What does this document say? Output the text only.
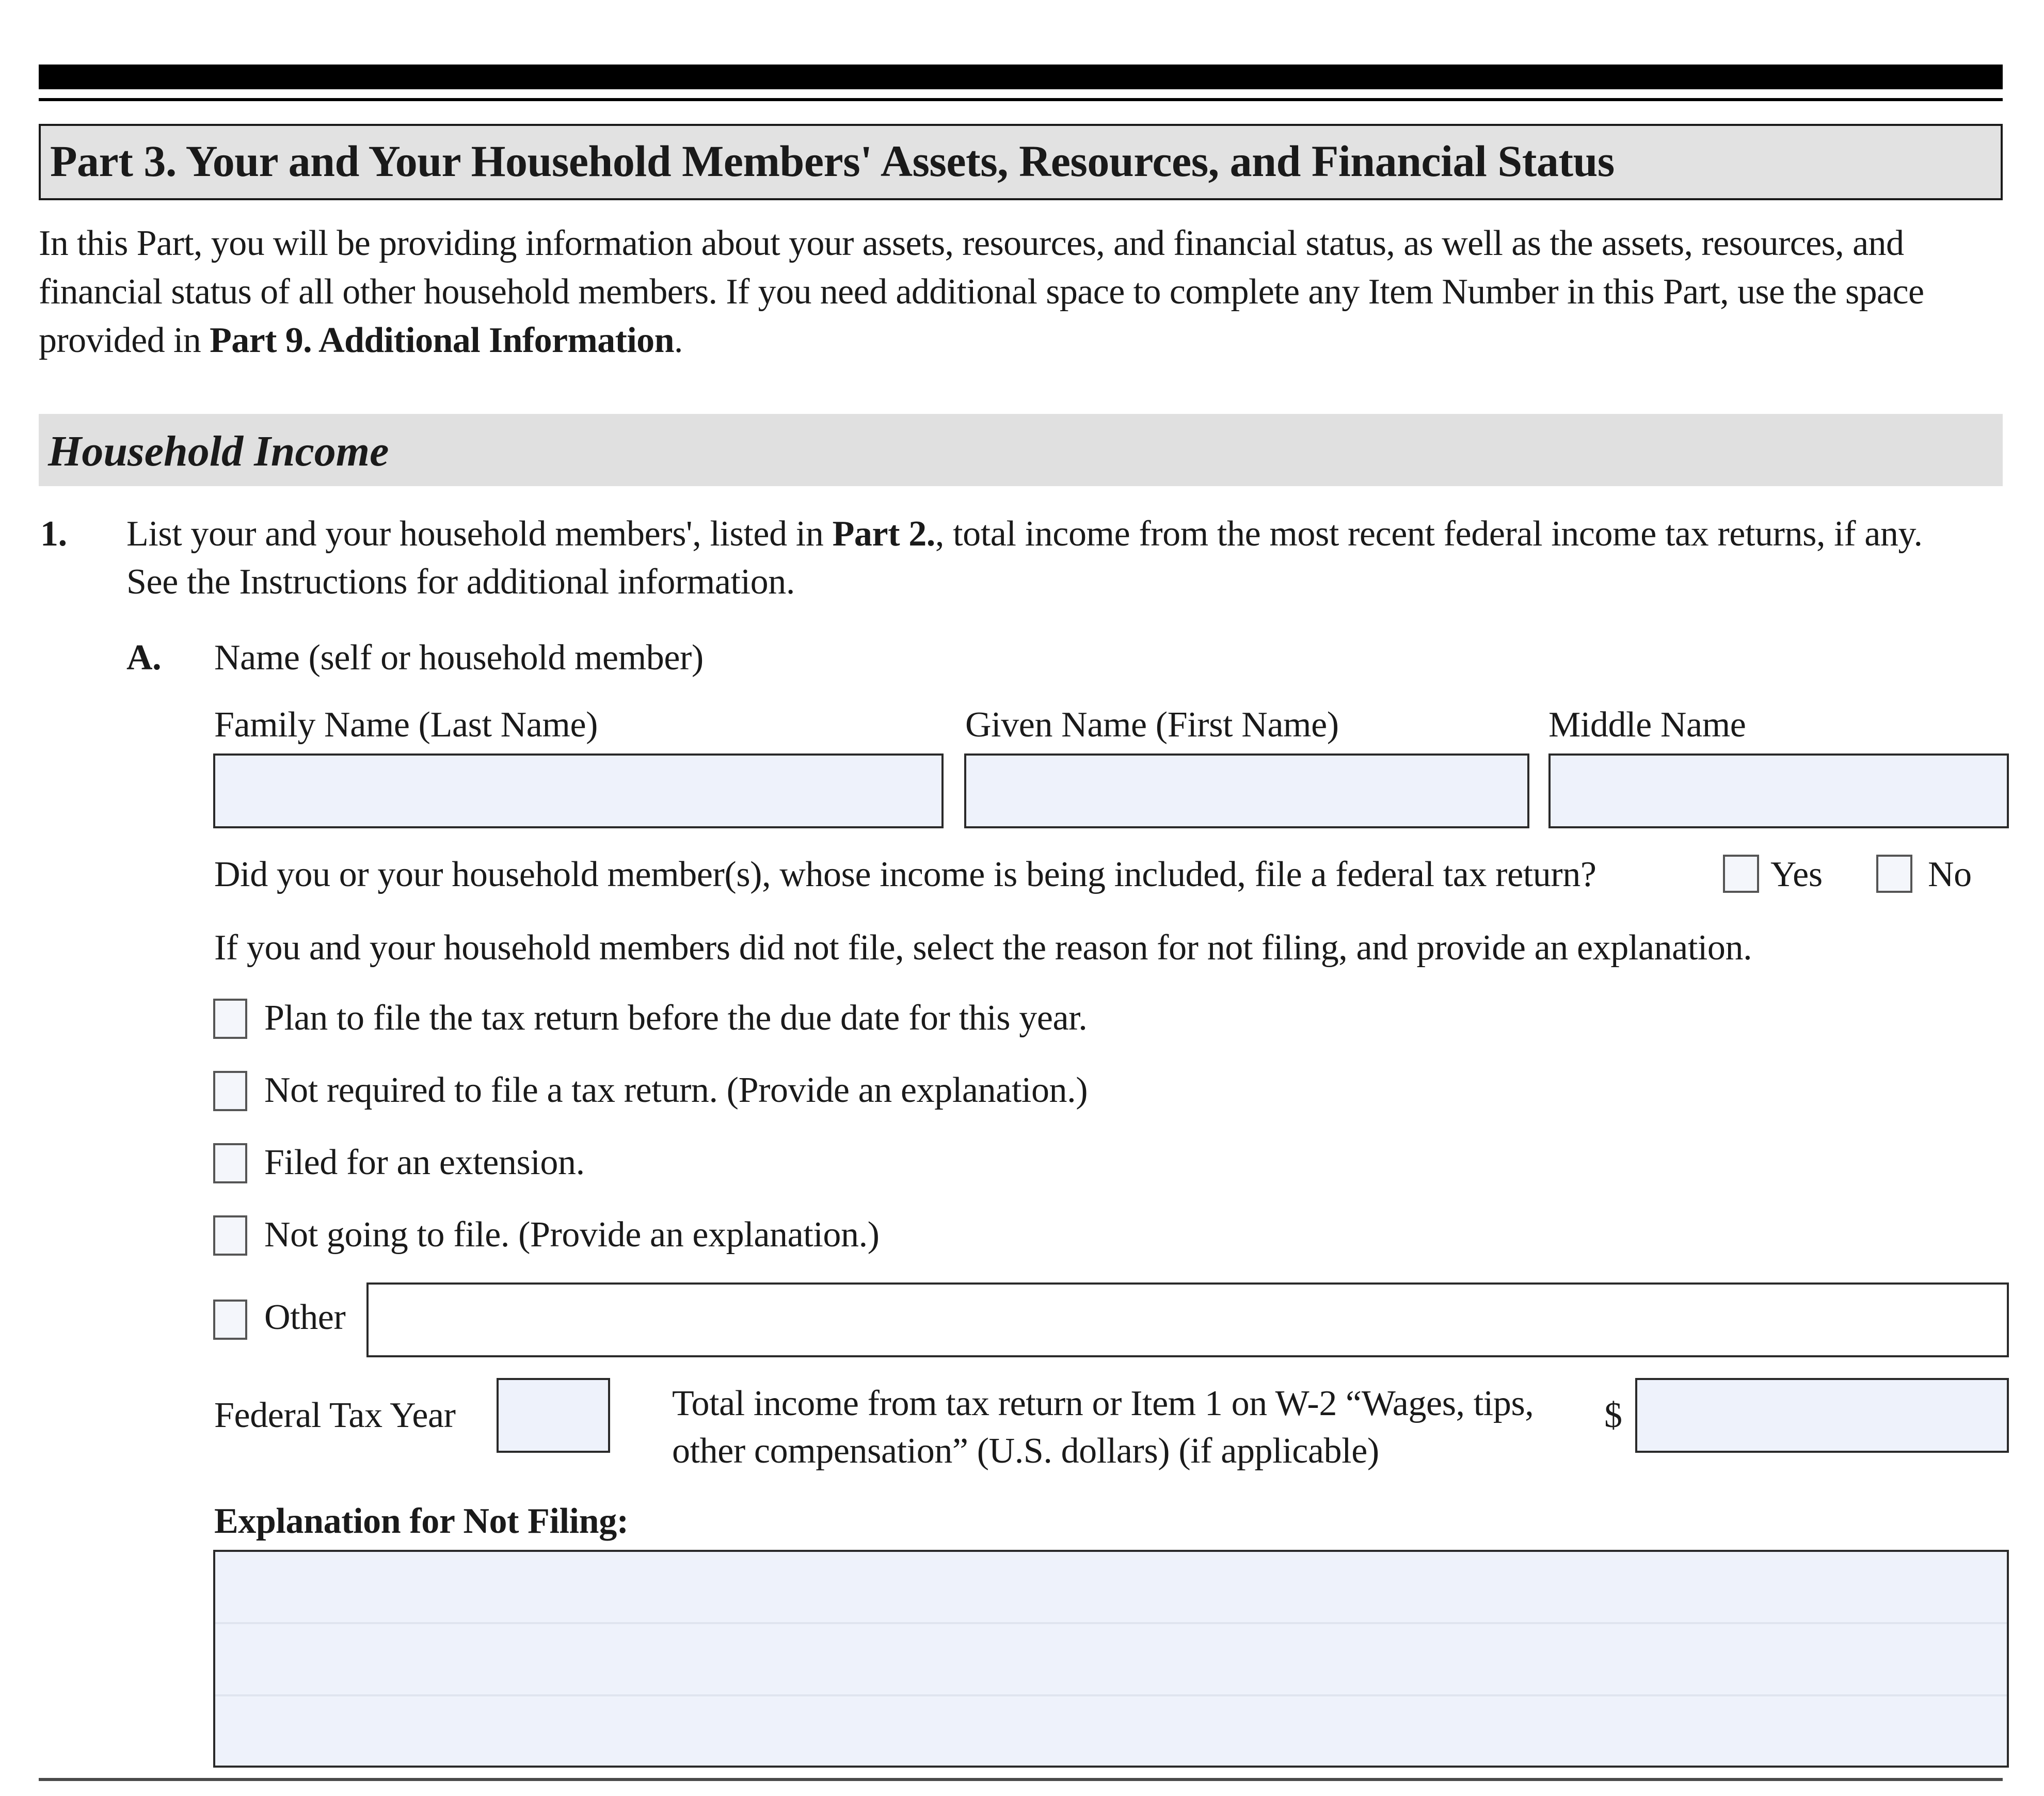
Part 3. Your and Your Household Members' Assets, Resources, and Financial Status

In this Part, you will be providing information about your assets, resources, and financial status, as well as the assets, resources, and

financial status of all other household members. If you need additional space to complete any Item Number in this Part, use the space

provided in Part 9. Additional Information.

Household Income
1. List your and your household members', listed in Part 2., total income from the most recent federal income tax returns, if any.
See the Instructions for additional information.
A. Name (self or household member)
Family Name (Last Name)	Given Name (First Name)	Middle Name
Did you or your household member(s), whose income is being included, file a federal tax return?	Yes	No
If you and your household members did not file, select the reason for not filing, and provide an explanation.
Plan to file the tax return before the due date for this year.
Not required to file a tax return. (Provide an explanation.)
Filed for an extension.
Not going to file. (Provide an explanation.)
Other
Federal Tax Year	Total income from tax return or Item 1 on W-2 “Wages, tips,
other compensation” (U.S. dollars) (if applicable)
$
Explanation for Not Filing:
